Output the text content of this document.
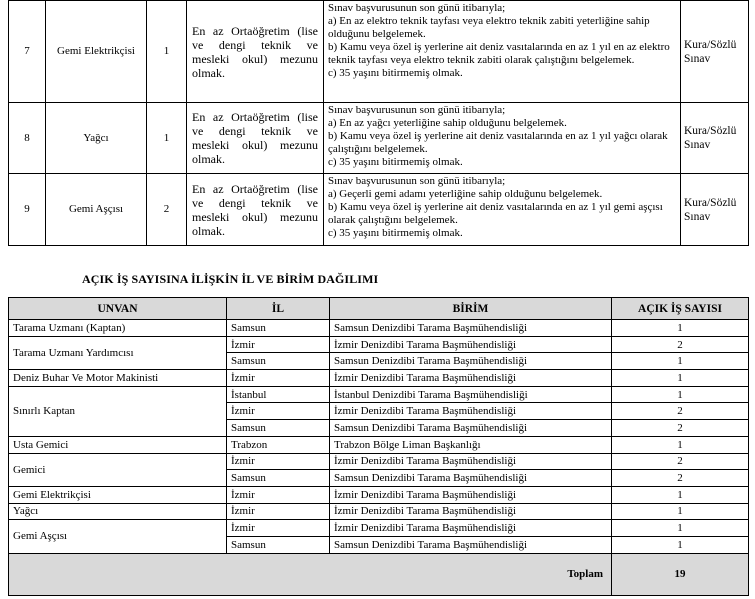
7	Gemi Elektrikçisi	1	En az Ortaöğretim (lise ve dengi teknik ve mesleki okul) mezunu olmak.	Sınav başvurusunun son günü itibarıyla;
a) En az elektro teknik tayfası veya elektro teknik zabiti yeterliğine sahip olduğunu belgelemek.
b) Kamu veya özel iş yerlerine ait deniz vasıtalarında en az 1 yıl en az elektro teknik tayfası veya elektro teknik zabiti olarak çalıştığını belgelemek.
c) 35 yaşını bitirmemiş olmak.	Kura/Sözlü Sınav
8	Yağcı	1	En az Ortaöğretim (lise ve dengi teknik ve mesleki okul) mezunu olmak.	Sınav başvurusunun son günü itibarıyla;
a) En az yağcı yeterliğine sahip olduğunu belgelemek.
b) Kamu veya özel iş yerlerine ait deniz vasıtalarında en az 1 yıl yağcı olarak çalıştığını belgelemek.
c) 35 yaşını bitirmemiş olmak.	Kura/Sözlü Sınav
9	Gemi Aşçısı	2	En az Ortaöğretim (lise ve dengi teknik ve mesleki okul) mezunu olmak.	Sınav başvurusunun son günü itibarıyla;
a) Geçerli gemi adamı yeterliğine sahip olduğunu belgelemek.
b) Kamu veya özel iş yerlerine ait deniz vasıtalarında en az 1 yıl gemi aşçısı olarak çalıştığını belgelemek.
c) 35 yaşını bitirmemiş olmak.	Kura/Sözlü Sınav
AÇIK İŞ SAYISINA İLİŞKİN İL VE BİRİM DAĞILIMI
UNVAN	İL	BİRİM	AÇIK İŞ SAYISI
Tarama Uzmanı (Kaptan)	Samsun	Samsun Denizdibi Tarama Başmühendisliği	1
Tarama Uzmanı Yardımcısı	İzmir	İzmir Denizdibi Tarama Başmühendisliği	2
	Samsun	Samsun Denizdibi Tarama Başmühendisliği	1
Deniz Buhar Ve Motor Makinisti	İzmir	İzmir Denizdibi Tarama Başmühendisliği	1
Sınırlı Kaptan	İstanbul	İstanbul Denizdibi Tarama Başmühendisliği	1
	İzmir	İzmir Denizdibi Tarama Başmühendisliği	2
	Samsun	Samsun Denizdibi Tarama Başmühendisliği	2
Usta Gemici	Trabzon	Trabzon Bölge Liman Başkanlığı	1
Gemici	İzmir	İzmir Denizdibi Tarama Başmühendisliği	2
	Samsun	Samsun Denizdibi Tarama Başmühendisliği	2
Gemi Elektrikçisi	İzmir	İzmir Denizdibi Tarama Başmühendisliği	1
Yağcı	İzmir	İzmir Denizdibi Tarama Başmühendisliği	1
Gemi Aşçısı	İzmir	İzmir Denizdibi Tarama Başmühendisliği	1
	Samsun	Samsun Denizdibi Tarama Başmühendisliği	1
Toplam			19
